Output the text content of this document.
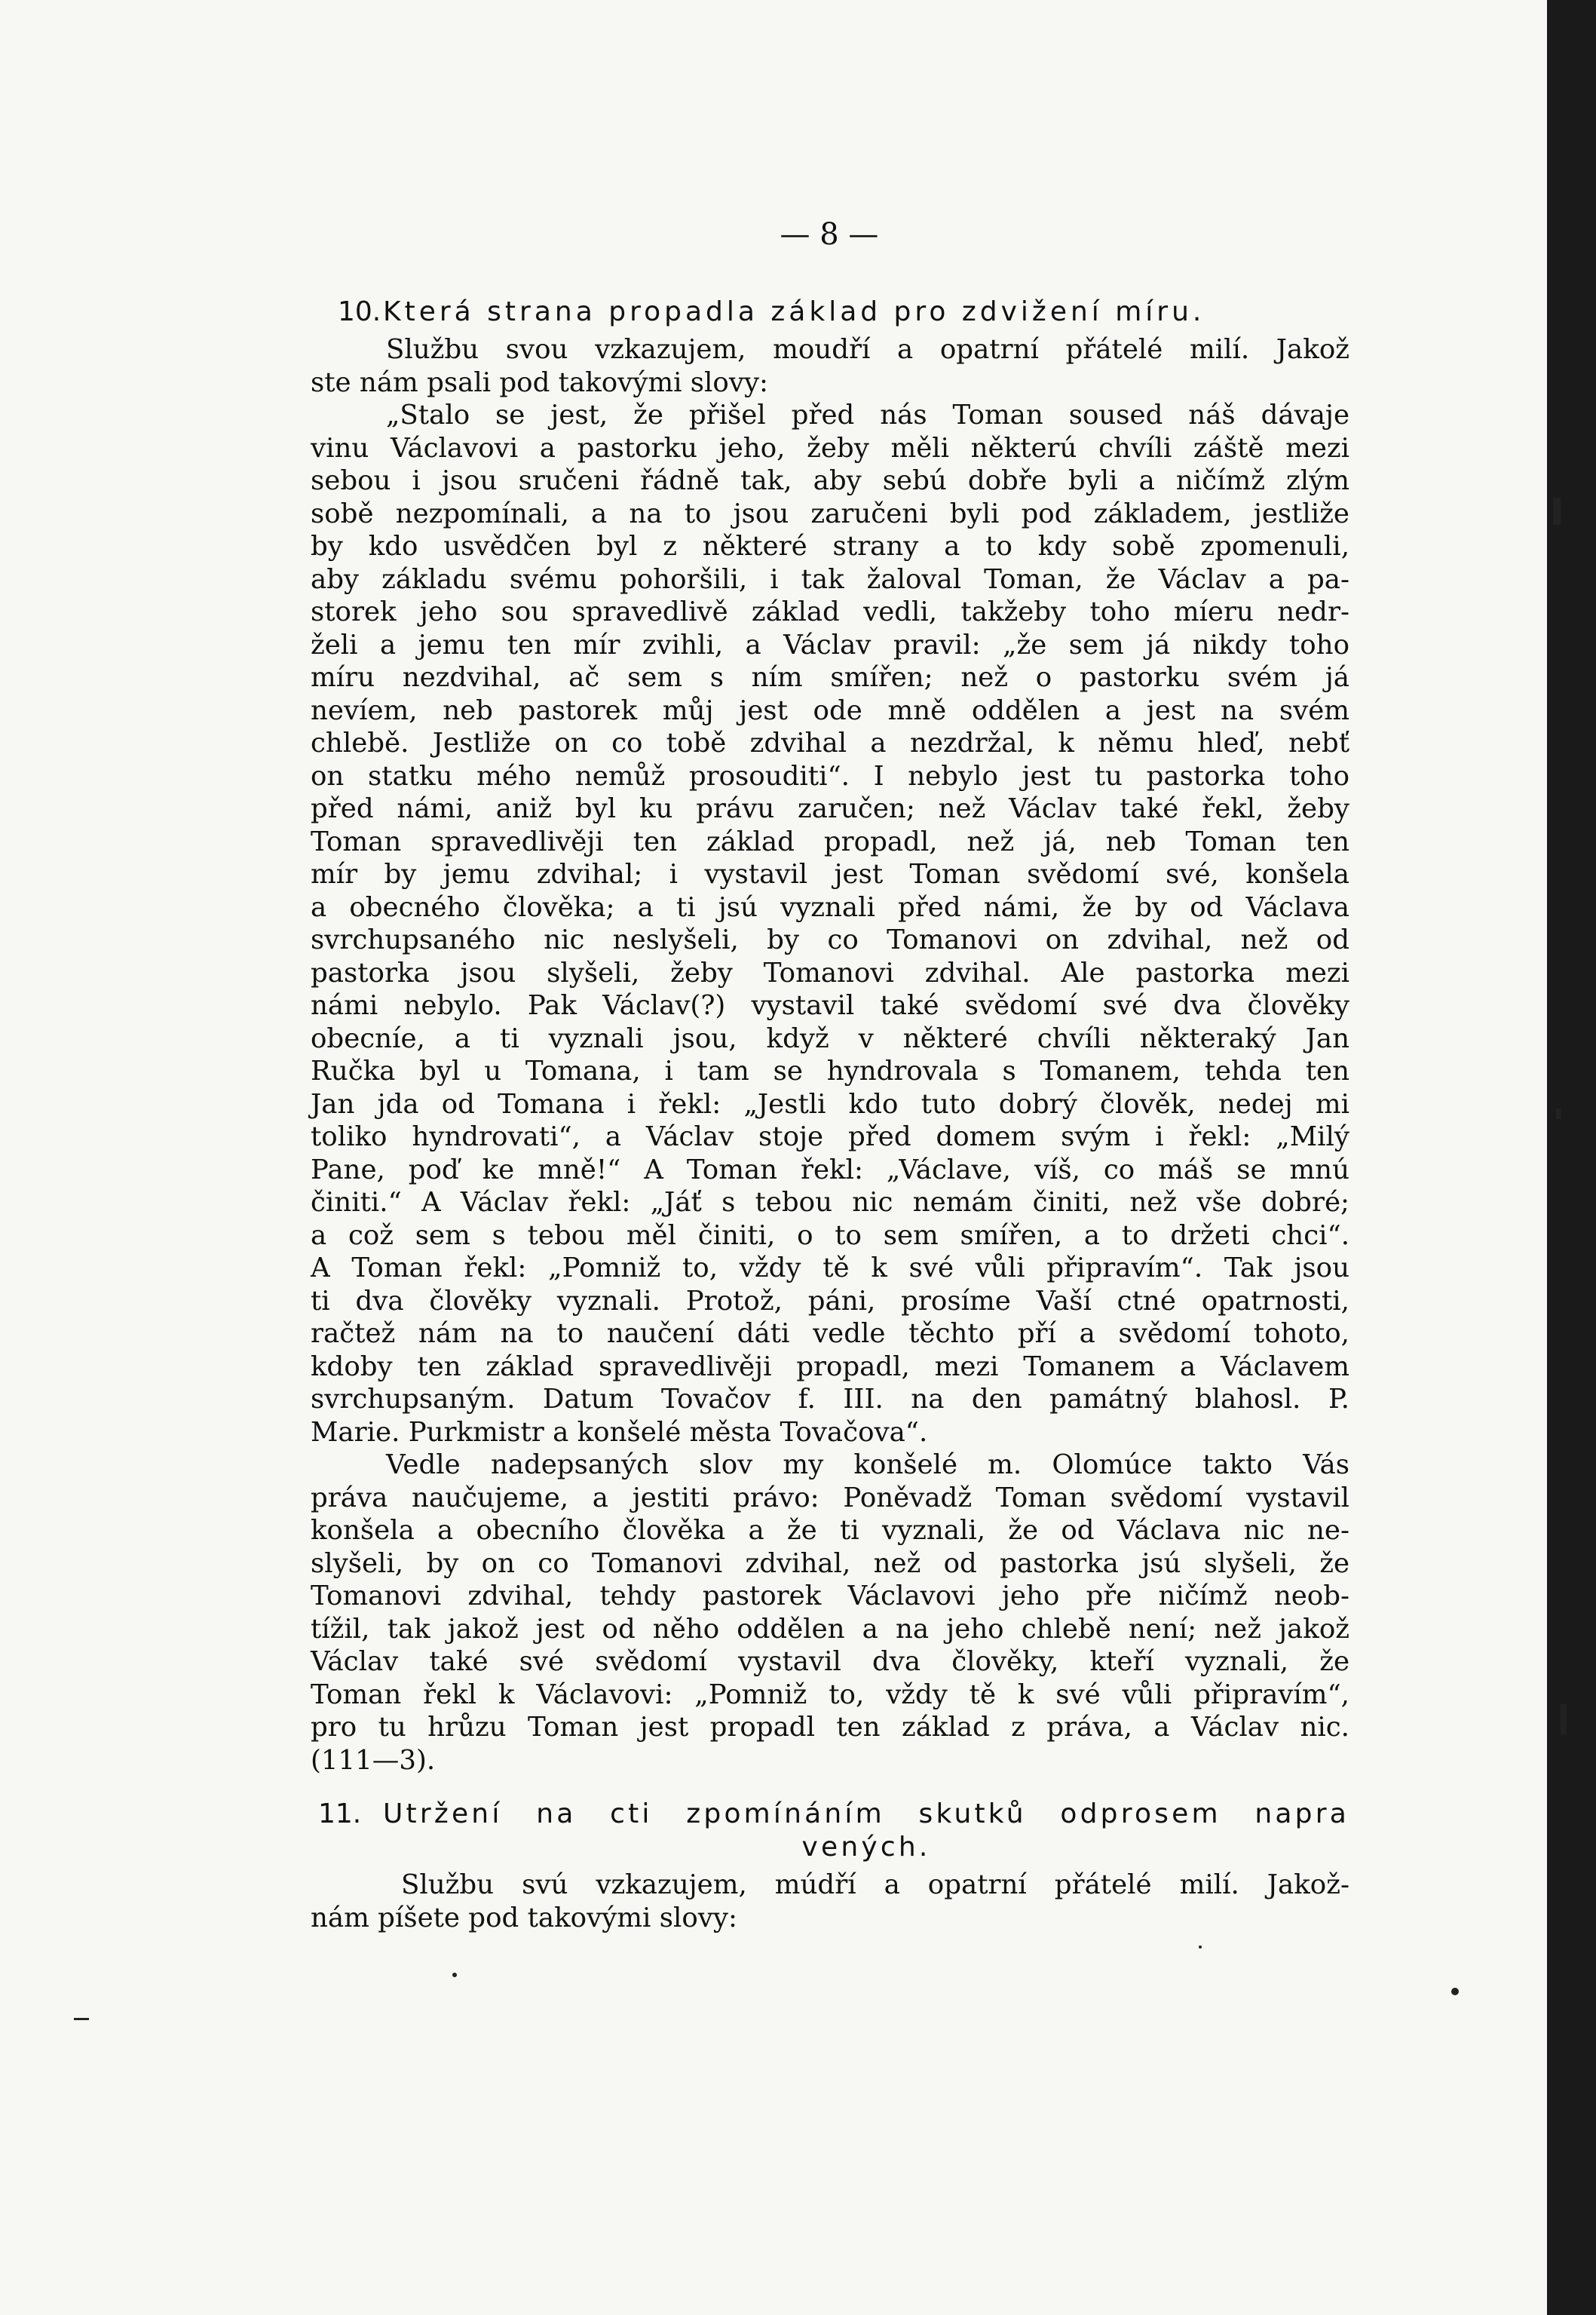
— 8 —

10. Která strana propadla základ pro zdvižení míru.
Službu svou vzkazujem, moudří a opatrní přátelé milí. Jakož
ste nám psali pod takovými slovy:
„Stalo se jest, že přišel před nás Toman soused náš dávaje
vinu Václavovi a pastorku jeho, žeby měli některú chvíli záště mezi
sebou i jsou sručeni řádně tak, aby sebú dobře byli a ničímž zlým
sobě nezpomínali, a na to jsou zaručeni byli pod základem, jestliže
by kdo usvědčen byl z některé strany a to kdy sobě zpomenuli,
aby základu svému pohoršili, i tak žaloval Toman, že Václav a pa-
storek jeho sou spravedlivě základ vedli, takžeby toho míeru nedr-
želi a jemu ten mír zvihli, a Václav pravil: „že sem já nikdy toho
míru nezdvihal, ač sem s ním smířen; než o pastorku svém já
nevíem, neb pastorek můj jest ode mně oddělen a jest na svém
chlebě. Jestliže on co tobě zdvihal a nezdržal, k němu hleď, nebť
on statku mého nemůž prosouditi“. I nebylo jest tu pastorka toho
před námi, aniž byl ku právu zaručen; než Václav také řekl, žeby
Toman spravedlivěji ten základ propadl, než já, neb Toman ten
mír by jemu zdvihal; i vystavil jest Toman svědomí své, konšela
a obecného člověka; a ti jsú vyznali před námi, že by od Václava
svrchupsaného nic neslyšeli, by co Tomanovi on zdvihal, než od
pastorka jsou slyšeli, žeby Tomanovi zdvihal. Ale pastorka mezi
námi nebylo. Pak Václav(?) vystavil také svědomí své dva člověky
obecníe, a ti vyznali jsou, když v některé chvíli některaký Jan
Ručka byl u Tomana, i tam se hyndrovala s Tomanem, tehda ten
Jan jda od Tomana i řekl: „Jestli kdo tuto dobrý člověk, nedej mi
toliko hyndrovati“, a Václav stoje před domem svým i řekl: „Milý
Pane, poď ke mně!“ A Toman řekl: „Václave, víš, co máš se mnú
činiti.“ A Václav řekl: „Jáť s tebou nic nemám činiti, než vše dobré;
a což sem s tebou měl činiti, o to sem smířen, a to držeti chci“.
A Toman řekl: „Pomniž to, vždy tě k své vůli připravím“. Tak jsou
ti dva člověky vyznali. Protož, páni, prosíme Vaší ctné opatrnosti,
račtež nám na to naučení dáti vedle těchto pří a svědomí tohoto,
kdoby ten základ spravedlivěji propadl, mezi Tomanem a Václavem
svrchupsaným. Datum Tovačov f. III. na den památný blahosl. P.
Marie. Purkmistr a konšelé města Tovačova“.
Vedle nadepsaných slov my konšelé m. Olomúce takto Vás
práva naučujeme, a jestiti právo: Poněvadž Toman svědomí vystavil
konšela a obecního člověka a že ti vyznali, že od Václava nic ne-
slyšeli, by on co Tomanovi zdvihal, než od pastorka jsú slyšeli, že
Tomanovi zdvihal, tehdy pastorek Václavovi jeho pře ničímž neob-
tížil, tak jakož jest od něho oddělen a na jeho chlebě není; než jakož
Václav také své svědomí vystavil dva člověky, kteří vyznali, že
Toman řekl k Václavovi: „Pomniž to, vždy tě k své vůli připravím“,
pro tu hrůzu Toman jest propadl ten základ z práva, a Václav nic.
(111—3).
11. Utržení na cti zpomínáním skutků odprosem napra
vených.
Službu svú vzkazujem, múdří a opatrní přátelé milí. Jakož-
nám píšete pod takovými slovy:
